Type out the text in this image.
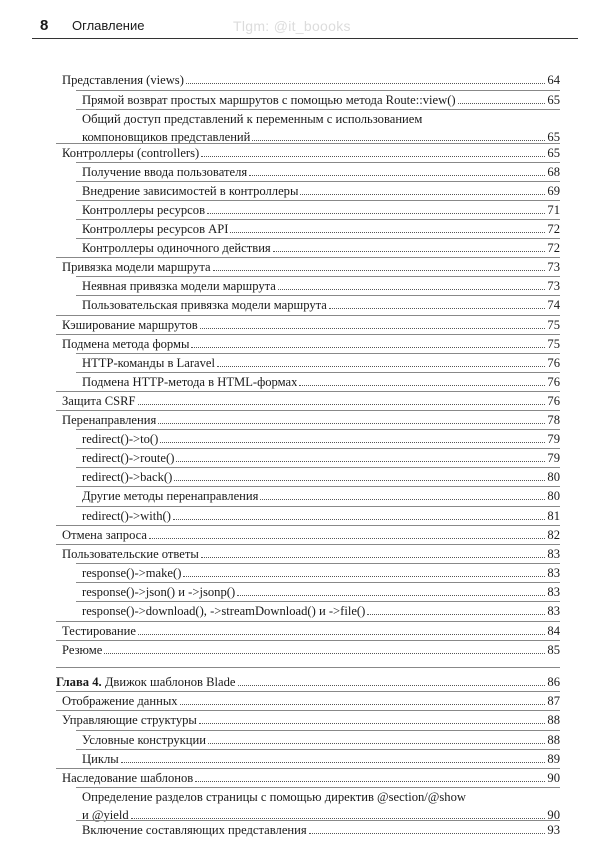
8 Оглавление	Tlgm: @it_boooks
Представления (views)	64
Прямой возврат простых маршрутов с помощью метода Route::view()	65
Общий доступ представлений к переменным с использованием
компоновщиков представлений	65
Контроллеры (controllers)	65
Получение ввода пользователя	68
Внедрение зависимостей в контроллеры	69
Контроллеры ресурсов	71
Контроллеры ресурсов API	72
Контроллеры одиночного действия	72
Привязка модели маршрута	73
Неявная привязка модели маршрута	73
Пользовательская привязка модели маршрута	74
Кэширование маршрутов	75
Подмена метода формы	75
HTTP-команды в Laravel	76
Подмена HTTP-метода в HTML-формах	76
Защита CSRF	76
Перенаправления	78
redirect()->to()	79
redirect()->route()	79
redirect()->back()	80
Другие методы перенаправления	80
redirect()->with()	81
Отмена запроса	82
Пользовательские ответы	83
response()->make()	83
response()->json() и ->jsonp()	83
response()->download(), ->streamDownload() и ->file()	83
Тестирование	84
Резюме	85
Глава 4. Движок шаблонов Blade	86
Отображение данных	87
Управляющие структуры	88
Условные конструкции	88
Циклы	89
Наследование шаблонов	90
Определение разделов страницы с помощью директив @section/@show
и @yield	90
Включение составляющих представления	93
